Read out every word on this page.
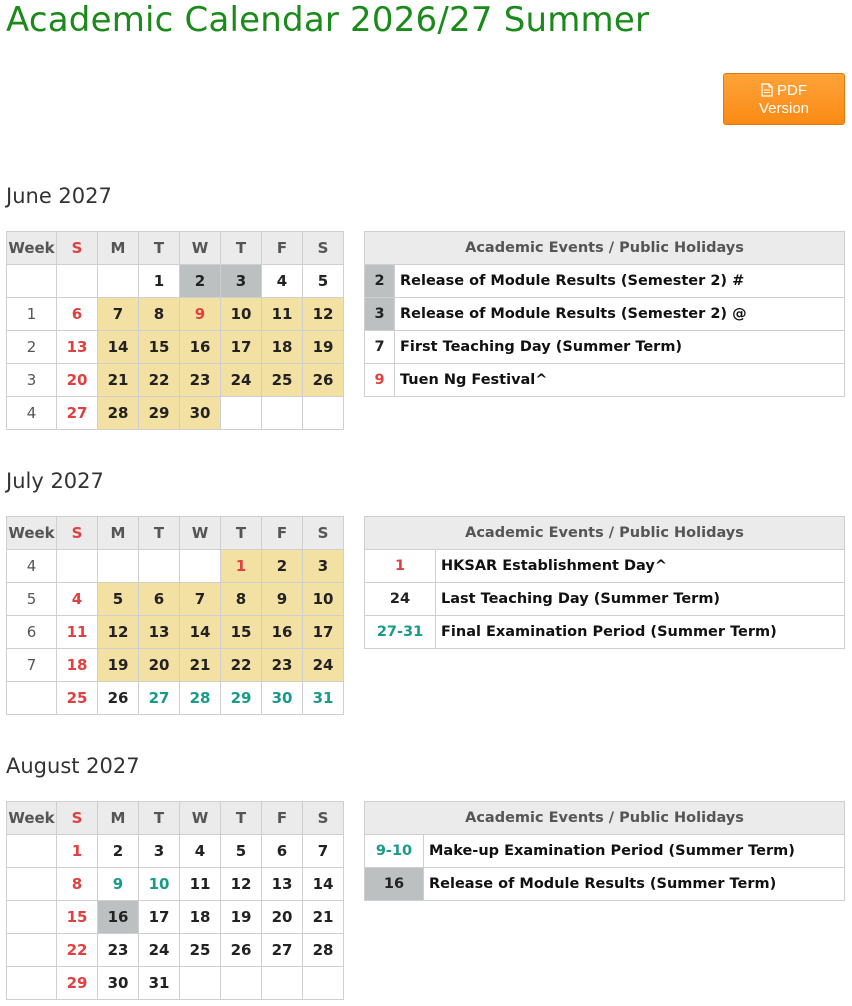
Academic Calendar 2026/27 Summer
PDF
Version
June 2027
Week	S	M	T	W	T	F	S
			1	2	3	4	5
1	6	7	8	9	10	11	12
2	13	14	15	16	17	18	19
3	20	21	22	23	24	25	26
4	27	28	29	30			
Academic Events / Public Holidays	
2	Release of Module Results (Semester 2) #
3	Release of Module Results (Semester 2) @
7	First Teaching Day (Summer Term)
9	Tuen Ng Festival^
July 2027
Week	S	M	T	W	T	F	S
4					1	2	3
5	4	5	6	7	8	9	10
6	11	12	13	14	15	16	17
7	18	19	20	21	22	23	24
	25	26	27	28	29	30	31
Academic Events / Public Holidays	
1	HKSAR Establishment Day^
24	Last Teaching Day (Summer Term)
27-31	Final Examination Period (Summer Term)
August 2027
Week	S	M	T	W	T	F	S
	1	2	3	4	5	6	7
	8	9	10	11	12	13	14
	15	16	17	18	19	20	21
	22	23	24	25	26	27	28
	29	30	31				
Academic Events / Public Holidays	
9-10	Make-up Examination Period (Summer Term)
16	Release of Module Results (Summer Term)
